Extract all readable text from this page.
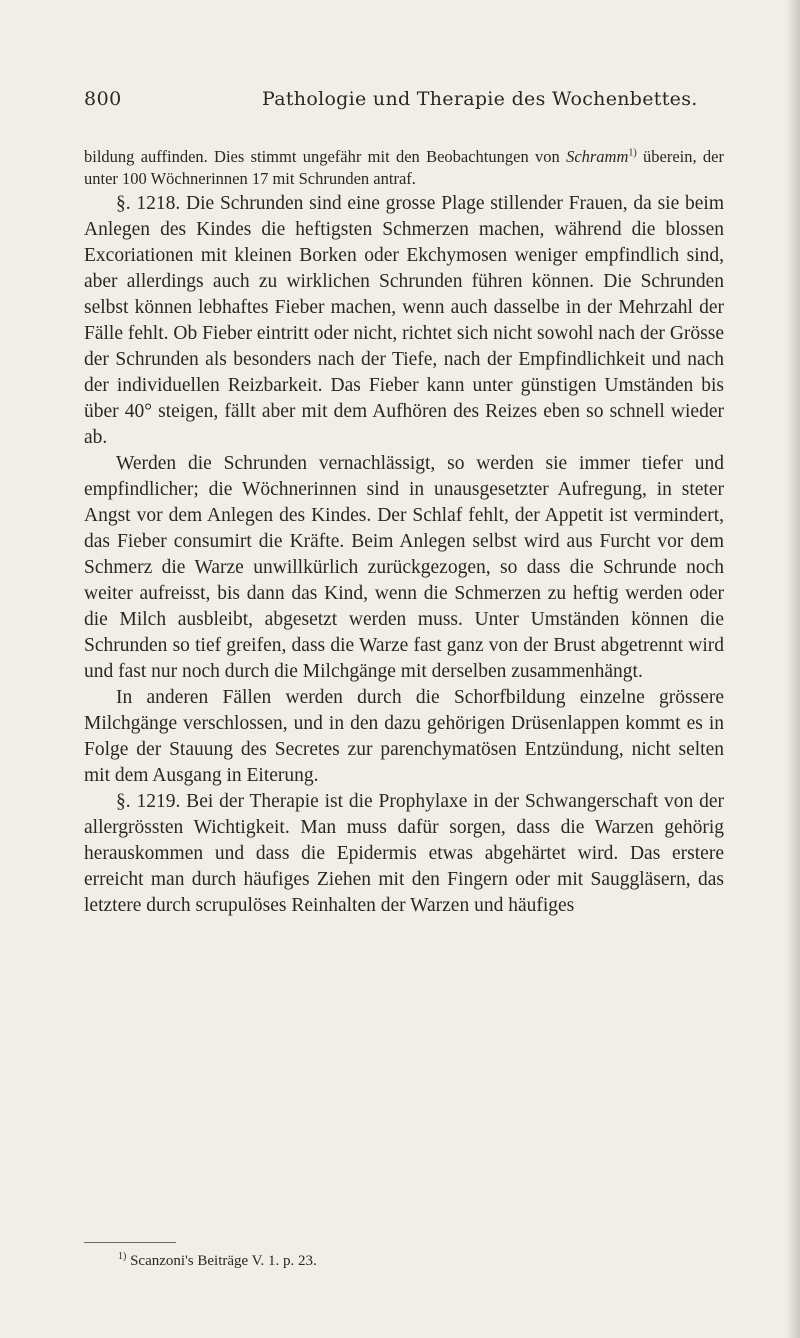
800	Pathologie und Therapie des Wochenbettes.

bildung auffinden. Dies stimmt ungefähr mit den Beobachtungen von Schramm$^{1)}$ überein, der unter 100 Wöchnerinnen 17 mit Schrunden antraf.

§. 1218. Die Schrunden sind eine grosse Plage stillender Frauen, da sie beim Anlegen des Kindes die heftigsten Schmerzen machen, während die blossen Excoriationen mit kleinen Borken oder Ekchymosen weniger empfindlich sind, aber allerdings auch zu wirklichen Schrunden führen können. Die Schrunden selbst können lebhaftes Fieber machen, wenn auch dasselbe in der Mehrzahl der Fälle fehlt. Ob Fieber eintritt oder nicht, richtet sich nicht sowohl nach der Grösse der Schrunden als besonders nach der Tiefe, nach der Empfindlichkeit und nach der individuellen Reizbarkeit. Das Fieber kann unter günstigen Umständen bis über 40° steigen, fällt aber mit dem Aufhören des Reizes eben so schnell wieder ab.

Werden die Schrunden vernachlässigt, so werden sie immer tiefer und empfindlicher; die Wöchnerinnen sind in unausgesetzter Aufregung, in steter Angst vor dem Anlegen des Kindes. Der Schlaf fehlt, der Appetit ist vermindert, das Fieber consumirt die Kräfte. Beim Anlegen selbst wird aus Furcht vor dem Schmerz die Warze unwillkürlich zurückgezogen, so dass die Schrunde noch weiter aufreisst, bis dann das Kind, wenn die Schmerzen zu heftig werden oder die Milch ausbleibt, abgesetzt werden muss. Unter Umständen können die Schrunden so tief greifen, dass die Warze fast ganz von der Brust abgetrennt wird und fast nur noch durch die Milchgänge mit derselben zusammenhängt.

In anderen Fällen werden durch die Schorfbildung einzelne grössere Milchgänge verschlossen, und in den dazu gehörigen Drüsenlappen kommt es in Folge der Stauung des Secretes zur parenchymatösen Entzündung, nicht selten mit dem Ausgang in Eiterung.

§. 1219. Bei der Therapie ist die Prophylaxe in der Schwangerschaft von der allergrössten Wichtigkeit. Man muss dafür sorgen, dass die Warzen gehörig herauskommen und dass die Epidermis etwas abgehärtet wird. Das erstere erreicht man durch häufiges Ziehen mit den Fingern oder mit Sauggläsern, das letztere durch scrupulöses Reinhalten der Warzen und häufiges

$^{1)}$ Scanzoni's Beiträge V. 1. p. 23.
